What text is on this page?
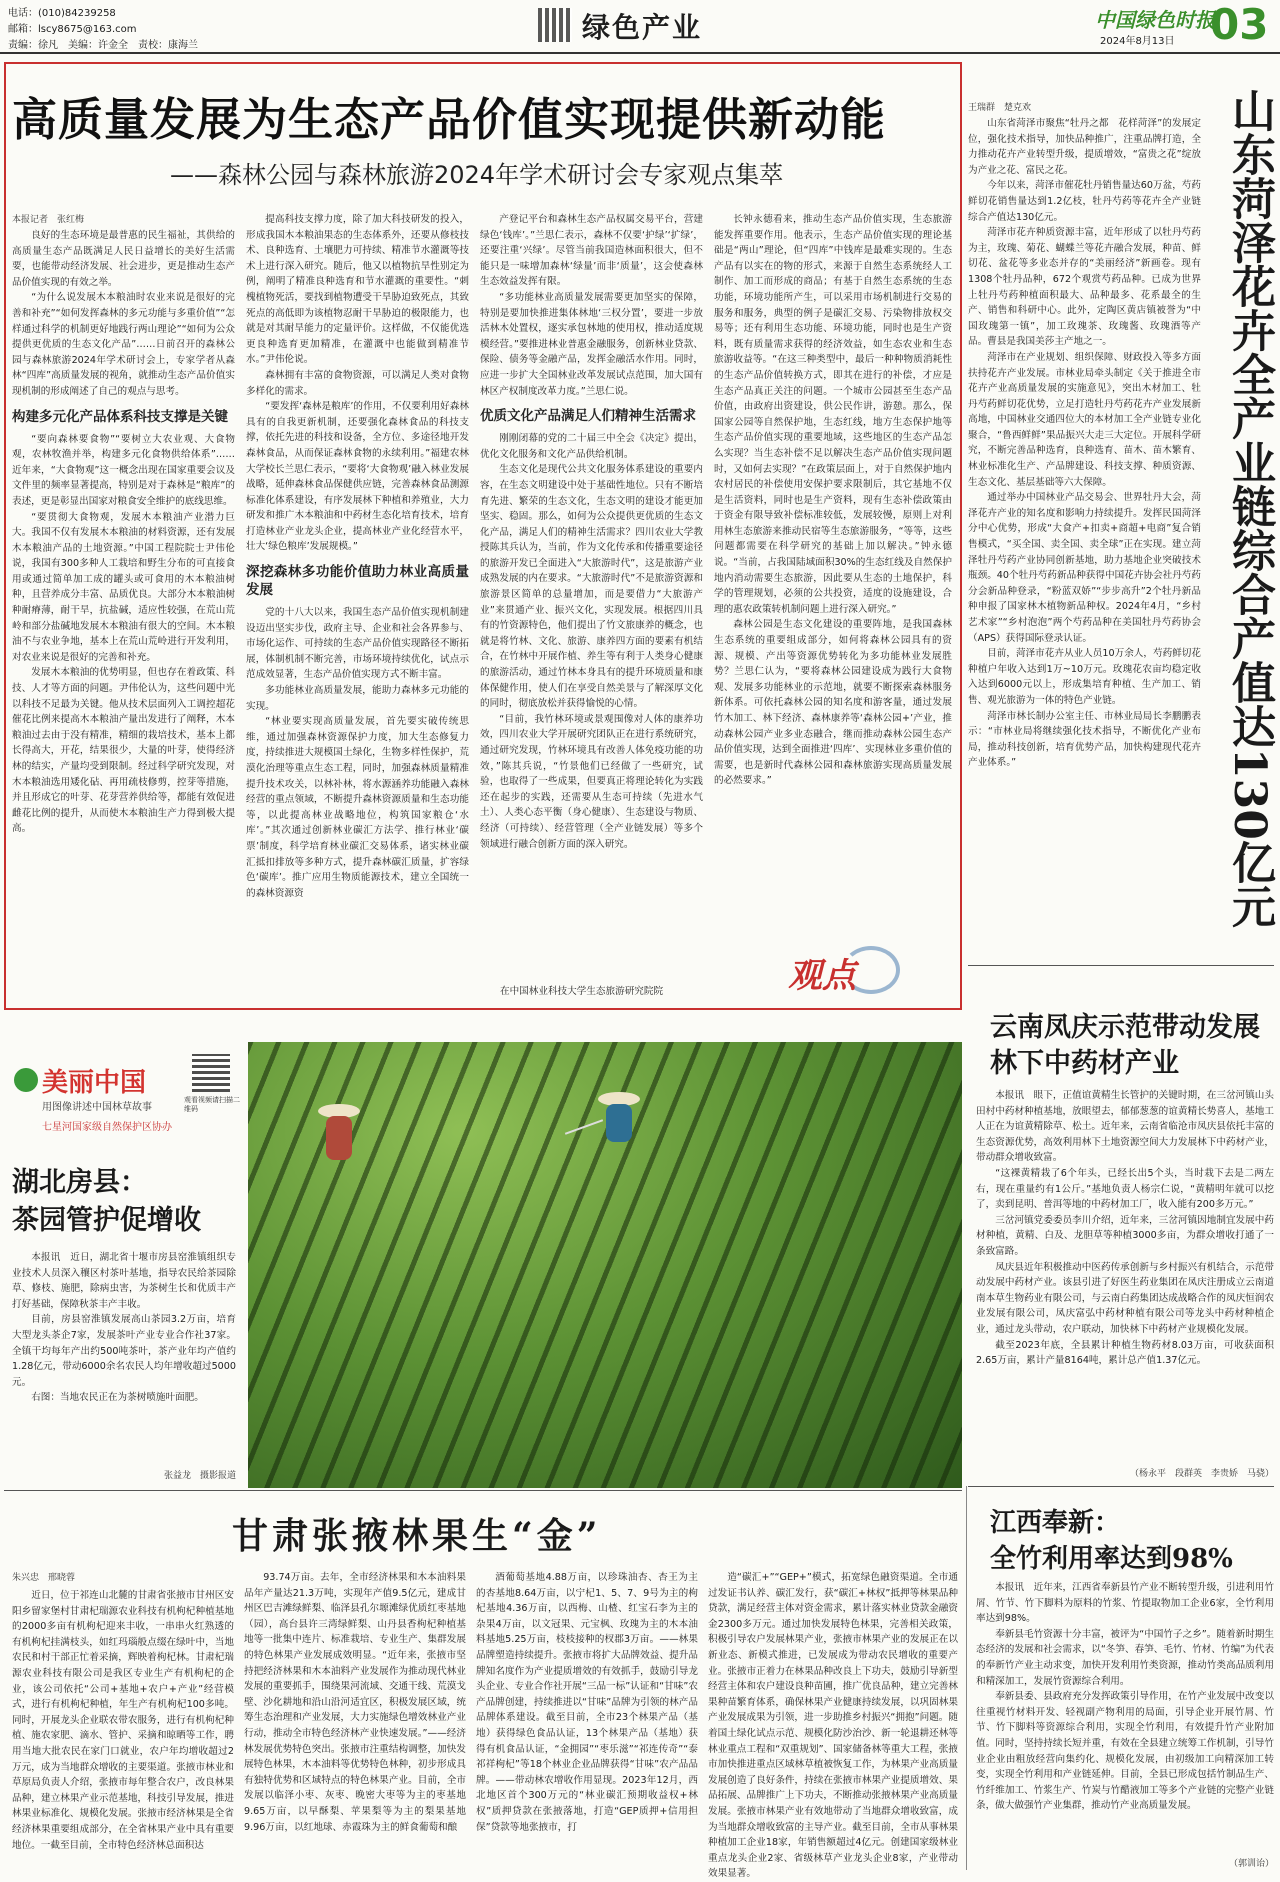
电话：(010)84239258
邮箱：lscy8675@163.com
责编：徐凡　美编：许金全　责校：康海兰
绿色产业	中国绿色时报
2024年8月13日 03
高质量发展为生态产品价值实现提供新动能
——森林公园与森林旅游2024年学术研讨会专家观点集萃
本报记者　张红梅

良好的生态环境是最普惠的民生福祉，其供给的高质量生态产品既满足人民日益增长的美好生活需要，也能带动经济发展、社会进步，更是推动生态产品价值实现的有效之举。

“为什么说发展木本粮油时农业来说是很好的完善和补充”“如何发挥森林的多元功能与多重价值”“怎样通过科学的机制更好地践行两山理论”“如何为公众提供更优质的生态文化产品”……日前召开的森林公园与森林旅游2024年学术研讨会上，专家学者从森林“四库”高质量发展的视角，就推动生态产品价值实现机制的形成阐述了自己的观点与思考。

构建多元化产品体系科技支撑是关键

“要向森林要食物”“要树立大农业观、大食物观，农林牧渔并举，构建多元化食物供给体系”……近年来，“大食物观”这一概念出现在国家重要会议及文件里的频率显著提高，特别是对于森林是“粮库”的表述，更是彰显出国家对粮食安全维护的底线思维。

“要贯彻大食物观，发展木本粮油产业潜力巨大。我国不仅有发展木本粮油的材料资源，还有发展木本粮油产品的土地资源。”中国工程院院士尹伟伦说，我国有300多种人工栽培和野生分布的可直接食用或通过简单加工成的罐头或可食用的木本粮油树种，且营养成分丰富、品质优良。大部分木本粮油树种耐瘠薄，耐干旱，抗盐碱，适应性较强，在荒山荒岭和部分盐碱地发展木本粮油有很大的空间。木本粮油不与农业争地，基本上在荒山荒岭进行开发利用，对农业来说是很好的完善和补充。

发展木本粮油的优势明显，但也存在着政策、科技、人才等方面的问题。尹伟伦认为，这些问题中光以科技不足最为关键。他从技术层面列入工调控超花催花比例来提高木本粮油产量出发进行了阐释，木本粮油过去由于没有精准，精细的栽培技术，基本上都长得高大，开花，结果很少，大量的叶芽，使得经济林的结实，产量均受到限制。经过科学研究发现，对木本粮油选用矮化砧、再用疏枝修剪，控芽等措施，并且形成它的叶芽、花芽营养供给等，都能有效促进雌花比例的提升，从而使木本粮油生产力得到极大提高。

提高科技支撑力度，除了加大科技研发的投入，形成我国木本粮油果态的生态体系外，还要从修枝技术、良种选育、土壤肥力可持续、精准节水灌溉等技术上进行深入研究。随后，他又以植物抗旱性别定为例，阐明了精准良种选育和节水灌溉的重要性。“刺槐植物死活，要找到植物遭受干旱胁迫致死点，其致死点的高低即为该植物忍耐干旱胁迫的极限能力，也就是对其耐旱能力的定量评价。这样做，不仅能优选更良种选育更加精准，在灌溉中也能做到精准节水。”尹伟伦说。

森林拥有丰富的食物资源，可以满足人类对食物多样化的需求。

“要发挥‘森林是粮库’的作用，不仅要利用好森林具有的自我更新机制，还要强化森林食品的科技支撑，依托先进的科技和设备，全方位、多途径地开发森林食品，从而保证森林食物的永续利用。”福建农林大学校长兰思仁表示，“要将‘大食物观’融入林业发展战略，延伸森林食品保健供应链，完善森林食品测源标准化体系建设，有序发展林下种植和养殖业，大力研发和推广木本粮油和中药材生态化培育技术，培育打造林业产业龙头企业，提高林业产业化经营水平，壮大‘绿色粮库’发展规模。”

深挖森林多功能价值助力林业高质量发展

党的十八大以来，我国生态产品价值实现机制建设迈出坚实步伐，政府主导、企业和社会各界参与、市场化运作、可持续的生态产品价值实现路径不断拓展，体制机制不断完善，市场环境持续优化，试点示范成效显著，生态产品价值实现方式不断丰富。

多功能林业高质量发展，能助力森林多元功能的实现。

“林业要实现高质量发展，首先要实破传统思维，通过加强森林资源保护力度，加大生态修复力度，持续推进大规模国土绿化，生物多样性保护，荒漠化治理等重点生态工程，同时，加强森林质量精准提升技术攻关，以林补林，将水源涵养功能融入森林经营的重点领域，不断提升森林资源质量和生态功能等，以此提高林业战略地位，构筑国家粮仓‘水库’。”其次通过创新林业碳汇方法学、推行林业‘碳票’制度，科学培育林业碳汇交易体系，诸实林业碳汇抵扣排放等多种方式，提升森林碳汇质量，扩容绿色‘碳库’。推广应用生物质能源技术，建立全国统一的森林资源资

产登记平台和森林生态产品权属交易平台，营建绿色‘钱库’。”兰思仁表示，森林不仅要‘护绿’‘扩绿’，还要注重‘兴绿’。尽管当前我国造林面积很大，但不能只是一味增加森林‘绿量’而非‘质量’，这会使森林生态效益发挥有限。

“多功能林业高质量发展需要更加坚实的保障，特别是要加快推进集体林地‘三权分置’，要进一步放活林木处置权，逐实承包林地的使用权，推动适度规模经营。”要推进林业普惠金融服务，创新林业贷款、保险、债务等金融产品，发挥金融活水作用。同时，应进一步扩大全国林业改革发展试点范围，加大国有林区产权制度改革力度。”兰思仁说。

优质文化产品满足人们精神生活需求

刚刚闭幕的党的二十届三中全会《决定》提出，优化文化服务和文化产品供给机制。

生态文化是现代公共文化服务体系建设的重要内容，在生态文明建设中处于基础性地位。只有不断培育先进、繁荣的生态文化，生态文明的建设才能更加坚实、稳固。那么，如何为公众提供更优质的生态文化产品，满足人们的精神生活需求？四川农业大学教授陈其兵认为，当前，作为文化传承和传播重要途径的旅游开发已全面进入“大旅游时代”，这是旅游产业成熟发展的内在要求。“大旅游时代”不是旅游资源和旅游景区简单的总量增加，而是要借力“大旅游产业”来贯通产业、振兴文化，实现发展。根据四川具有的竹资源特色，他们提出了竹文旅康养的概念，也就是将竹林、文化、旅游、康养四方面的要素有机结合，在竹林中开展作植、养生等有利于人类身心健康的旅游活动，通过竹林本身具有的提升环境质量和康体保健作用，使人们在享受自然美景与了解深厚文化的同时，彻底放松并获得愉悦的心情。

“目前，我竹林环境或景观围像对人体的康养功效，四川农业大学开展研究团队正在进行系统研究，通过研究发现，竹林环境具有改善人体免疫功能的功效，”陈其兵说，“竹景他们已经做了一些研究，试验，也取得了一些成果，但要真正将理论转化为实践还在起步的实践，还需要从生态可持续（先进水气土）、人类心态平衡（身心健康）、生态建设与物质、经济（可持续）、经营管理（全产业链发展）等多个领域进行融合创新方面的深入研究。

在中国林业科技大学生态旅游研究院院

长钟永德看来，推动生态产品价值实现，生态旅游能发挥重要作用。他表示，生态产品价值实现的理论基础是“两山”理论，但“四库”中钱库是最难实现的。生态产品有以实在的物的形式，来源于自然生态系统经人工制作、加工而形成的商品；有基于自然生态系统的生态功能，环境功能所产生，可以采用市场机制进行交易的服务和服务，典型的例子是碳汇交易、污染物排放权交易等；还有利用生态功能、环境功能，同时也是生产资料，既有质量需求获得的经济效益，如生态农业和生态旅游收益等。“在这三种类型中，最后一种种物质消耗性的生态产品价值转换方式，即其在进行的补偿，才应是生态产品真正关注的问题。一个城市公园甚至生态产品价值，由政府出资建设，供公民作讲，游憩。那么，保国家公园等自然保护地，生态红线，地方生态保护地等生态产品价值实现的重要地域，这些地区的生态产品怎么实现？当生态补偿不足以解决生态产品价值实现问题时，又如何去实现？”在政策层面上，对于自然保护地内农村居民的补偿使用安保护要求限制后，其它基地不仅是生活资料，同时也是生产资料，现有生态补偿政策由于资金有限导致补偿标准较低，发展较慢，原则上对利用林生态旅游来推动民宿等生态旅游服务，“等等，这些问题都需要在科学研究的基础上加以解决。”钟永德说。“当前，占我国陆域面积30%的生态红线及自然保护地内消动需要生态旅游，因此要从生态的土地保护，科学的管理规划，必须的公共投资，适度的设施建设，合理的惠农政策转机制问题上进行深入研究。”

森林公园是生态文化建设的重要阵地，是我国森林生态系统的重要组成部分，如何将森林公园具有的资源、规模、产出等资源优势转化为多功能林业发展胜势？兰思仁认为，“要将森林公园建设成为践行大食物观、发展多功能林业的示范地，就要不断探索森林服务新体系。可依托森林公园的知名度和游客量，通过发展竹木加工、林下经济、森林康养等‘森林公园+’产业，推动森林公园产业多业态融合，继而推动森林公园生态产品价值实现，达到全面推进‘四库’、实现林业多重价值的需要，也是新时代森林公园和森林旅游实现高质量发展的必然要求。”

观点
王瑞群　楚克欢

山东省菏泽市聚焦“牡丹之都　花样菏泽”的发展定位，强化技术指导，加快品种推广，注重品牌打造，全力推动花卉产业转型升级，提质增效，“富贵之花”绽放为产业之花、富民之花。

今年以来，菏泽市催花牡丹销售量达60万盆，芍药鲜切花销售量达到1.2亿枝，牡丹芍药等花卉全产业链综合产值达130亿元。

菏泽市花卉种质资源丰富，近年形成了以牡丹芍药为主，玫瑰、菊花、蝴蝶兰等花卉融合发展，种苗、鲜切花、盆花等多业态并存的“美丽经济”新画卷。现有1308个牡丹品种，672个观赏芍药品种。已成为世界上牡丹芍药种植面积最大、品种最多、花系最全的生产、销售和科研中心。此外，定陶区黄店镇被誉为“中国玫瑰第一镇”，加工玫瑰茶、玫瑰酱、玫瑰酒等产品。曹县是我国美莎主产地之一。

菏泽市在产业规划、组织保障、财政投入等多方面扶持花卉产业发展。市林业局牵头制定《关于推进全市花卉产业高质量发展的实施意见》，突出木材加工、牡丹芍药鲜切花优势，立足打造牡丹芍药花卉产业发展新高地，中国林业交通四位大的本材加工全产业链专业化聚合，“鲁西鲜鲜”果品振兴大走三大定位。开展科学研究，不断完善品种选育，良种选育、苗木、苗木繁育、林业标准化生产、产品牌建设、科技支撑、种质资源、生态文化、基层基础等六大保障。

通过举办中国林业产品交易会、世界牡丹大会，菏泽花卉产业的知名度和影响力持续提升。发挥民国菏泽分中心优势，形成“大食产+扣卖+商超+电商”复合销售模式，“买全国、卖全国、卖全球”正在实现。建立菏泽牡丹芍药产业协同创新基地，助力基地企业突破技术瓶颈。40个牡丹芍药新品种获得中国花卉协会社丹芍药分会新品种登录，“粉蓝双娇”“步步高升”2个牡丹新品种申报了国家林木植物新品种权。2024年4月，“乡村艺术家”“乡村泡泡”两个芍药品种在美国牡丹芍药协会（APS）获得国际登录认证。

目前，菏泽市花卉从业人员10万余人，芍药鲜切花种植户年收入达到1万~10万元。玫瑰花农亩均稳定收入达到6000元以上，形成集培育种植、生产加工、销售、观光旅游为一体的特色产业链。

菏泽市林长制办公室主任、市林业局局长李鹏鹏表示：“市林业局将继续强化技术指导，不断优化产业布局，推动科技创新，培育优势产品，加快构建现代花卉产业体系。”	山东菏泽花卉全产业链综合产值达130亿元
云南凤庆示范带动发展林下中药材产业

本报讯　眼下，正值谊黄精生长管护的关键时期，在三岔河镇山头田村中药材种植基地，放眼望去，郁郁葱葱的谊黄精长势喜人，基地工人正在为谊黄精除草、松土。近年来，云南省临沧市凤庆县依托丰富的生态资源优势，高效利用林下土地资源空间大力发展林下中药材产业，带动群众增收致富。

“这裸黄精栽了6个年头，已经长出5个头，当时栽下去是二两左右，现在重量约有1公斤。”基地负责人杨宗仁说，“黄精明年就可以挖了，卖到昆明、普洱等地的中药材加工厂，收入能有200多万元。”

三岔河镇党委委员李川介绍，近年来，三岔河镇因地制宜发展中药材种植，黄精、白及、龙胆草等种植3000多亩，为群众增收打通了一条致富路。

凤庆县近年积极推动中医药传承创新与乡村振兴有机结合，示范带动发展中药材产业。该县引进了好医生药业集团在凤庆注册成立云南道南本草生物药业有限公司，与云南白药集团达成战略合作的凤庆恒润农业发展有限公司，凤庆富弘中药材种植有限公司等龙头中药材种植企业，通过龙头带动，农户联动，加快林下中药材产业规模化发展。

截至2023年底，全县累计种植生物药材8.03万亩，可收获面积2.65万亩，累计产量8164吨，累计总产值1.37亿元。

（杨永平　段群英　李贵娇　马骁）
美丽中国
用图像讲述中国林草故事
观看视频请扫描二维码
七星河国家级自然保护区协办
湖北房县：
茶园管护促增收

本报讯　近日，湖北省十堰市房县窑淮镇组织专业技术人员深入穰区村茶叶基地，指导农民给茶园除草、修枝、施肥，除病虫害，为茶树生长和优质丰产打好基础，保障秋茶丰产丰收。

目前，房县窑淮镇发展高山茶园3.2万亩，培育大型龙头茶企7家，发展茶叶产业专业合作社37家。全镇干均每年产出约500吨茶叶，茶产业年均产值约1.28亿元，带动6000余名农民人均年增收超过5000元。

右图：当地农民正在为茶树喷施叶面肥。

张益龙　摄影报道
甘肃张掖林果生“金”
朱兴忠　邢晓蓉

近日，位于祁连山北麓的甘肃省张掖市甘州区安阳乡留家堡村甘肃杞瑞源农业科技有机枸杞种植基地的2000多亩有机枸杞迎来丰收，一串串火红熟透的有机枸杞挂满枝头，如红玛瑙般点缀在绿叶中，当地农民和村干部正忙着采摘，辉映着枸杞林。甘肃杞瑞源农业科技有限公司是我区专业生产有机枸杞的企业，该公司依托“公司+基地+农户+产业”经营模式，进行有机枸杞种植，年生产有机枸杞100多吨。同时，开展龙头企业联农带农服务，进行有机枸杞种植、施农家肥、滴水、管护、采摘和晾晒等工作，聘用当地大批农民在家门口就业，农户年均增收超过2万元，成为当地群众增收的主要渠道。张掖市林业和草原局负责人介绍，张掖市每年整合农户，改良林果品种，建立林果产业示范基地，科技引导发展，推进林果业标准化、规模化发展。张掖市经济林果是全省经济林果重要组成部分，在全省林果产业中具有重要地位。一截至目前，全市特色经济林总面积达

93.74万亩。去年，全市经济林果和木本油料果品年产量达21.3万吨，实现年产值9.5亿元，建成甘州区巴吉滩绿鲜梨、临泽县孔尔塬滩绿优质红枣基地（园），高台县许三湾绿鲜梨、山丹县香枸杞种植基地等一批集中连片、标准栽培、专业生产、集群发展的特色林果产业发展成效明显。“近年来，张掖市坚持把经济林果和木本油料产业发展作为推动现代林业发展的重要抓手，围绕果河流域、交通干线、荒漠戈壁、沙化耕地和沿山沿河适宜区，积极发展区域，统筹生态治理和产业发展，大力实施绿色增效林业产业行动，推动全市特色经济林产业快速发展。”——经济林发展优势特色突出。张掖市注重结构调整，加快发展特色林果，木本油料等优势特色林种，初步形成具有独特优势和区域特点的特色林果产业。目前，全市发展以临泽小枣、灰枣、晚密大枣等为主的枣基地9.65万亩，以早酥梨、苹果梨等为主的梨果基地9.96万亩，以红地球、赤霞珠为主的鲜食葡萄和酿

酒葡萄基地4.88万亩，以珍珠油杏、杏王为主的杏基地8.64万亩，以宁杞1、5、7、9号为主的枸杞基地4.36万亩，以西梅、山楂、红宝石李为主的杂果4万亩，以文冠果、元宝枫、玫瑰为主的木本油料基地5.25万亩，枝枝接种的杈郡3万亩。——林果品牌塑造持续提升。张掖市将扩大品牌效益、提升品牌知名度作为产业提质增效的有效抓手，鼓励引导龙头企业、专业合作社开展“三品一标”认证和“甘味”农产品牌创建，持续推进以“甘味”品牌为引领的林产品品牌体系建设。截至目前，全市23个林果产品（基地）获得绿色食品认证，13个林果产品（基地）获得有机食品认证，“金拥园”“枣乐滋”“祁连传奇”“泰祁祥枸杞”等18个林业企业品牌获得“甘味”农产品品牌。——带动林农增收作用显现。2023年12月，西北地区首个300万元的“林业碳汇预期收益权+林权”质押贷款在张掖落地，打造“GEP质押+信用担保”贷款等地张掖市，打

造“碳汇+”“GEP+”模式，拓宽绿色融资渠道。全市通过发证书认养、碳汇发行，获“碳汇+林权”抵押等林果品种贷款，满足经营主体对资金需求，累计落实林业贷款金融资金2300多万元。通过加快发展特色林果，完善相关政策，积极引导农户发展林果产业，张掖市林果产业的发展正在以新业态、新模式推进，已发展成为带动农民增收的重要产业。张掖市正着力在林果品种改良上下功夫，鼓励引导新型经营主体和农户建设良种苗圃，推广优良品种，建立完善林果种苗繁育体系，确保林果产业健康持续发展，以巩固林果产业发展成果为引领，进一步助推乡村振兴“拥抱”问题。随着国土绿化试点示范、规模化防沙治沙、新一轮退耕还林等林业重点工程和“双重规划”、国家储备林等重大工程，张掖市加快推进重点区域林草植被恢复工作，为林果产业高质量发展创造了良好条件，持续在张掖市林果产业提质增效、果品拓展、品牌推广上下功夫，不断推动张掖林果产业高质量发展。张掖市林果产业有效地带动了当地群众增收致富，成为当地群众增收致富的主导产业。截至目前，全市从事林果种植加工企业18家，年销售额超过4亿元。创建国家级林业重点龙头企业2家、省级林草产业龙头企业8家，产业带动效果显著。

江西奉新：
全竹利用率达到98%

本报讯　近年来，江西省奉新县竹产业不断转型升级，引进利用竹屑、竹节、竹下脚料为原料的竹浆、竹提取物加工企业6家，全竹利用率达到98%。

奉新县毛竹资源十分丰富，被评为“中国竹子之乡”。随着新时期生态经济的发展和社会需求，以“冬笋、春笋、毛竹、竹材、竹编”为代表的奉新竹产业主动求变，加快开发利用竹类资源，推动竹类高品质利用和精深加工，发展竹资源综合利用。

奉新县委、县政府充分发挥政策引导作用，在竹产业发展中改变以往重视竹材料开发、轻视副产物利用的局面，引导企业开展竹屑、竹节、竹下脚料等资源综合利用，实现全竹利用，有效提升竹产业附加值。同时，坚持持续长短并重，有效在全县建立统筹工作机制，引导竹业企业由粗放经营向集约化、规模化发展，由初级加工向精深加工转变，实现全竹利用和产业链延伸。目前，全县已形成包括竹制品生产、竹纤维加工、竹浆生产、竹炭与竹醋液加工等多个产业链的完整产业链条，做大做强竹产业集群，推动竹产业高质量发展。

（郭训诒）
